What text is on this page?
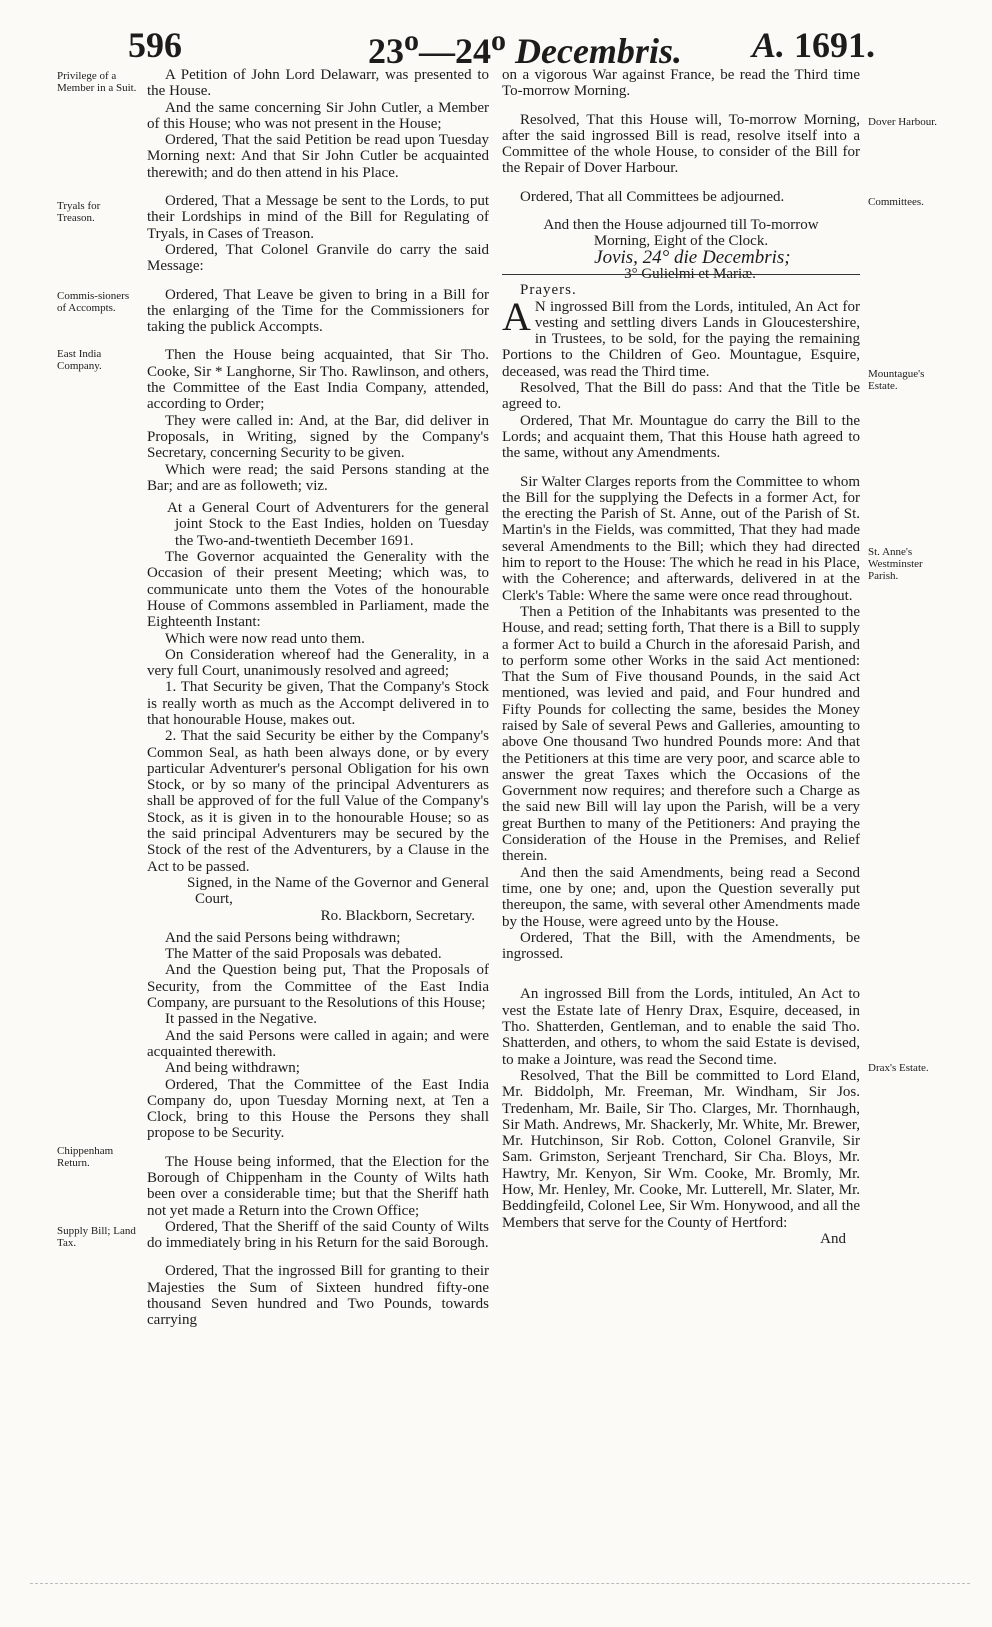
596	23$^o$—24$^o$ Decembris. A. 1691.
Privilege of a Member in a Suit.
Tryals for Treason.
Commis-sioners of Accompts.
East India Company.
Chippenham Return.
Supply Bill; Land Tax.
Dover Harbour.
Committees.
Mountague's Estate.
St. Anne's Westminster Parish.
Drax's Estate.

A Petition of John Lord Delawarr, was presented to the House.

And the same concerning Sir John Cutler, a Member of this House; who was not present in the House;

Ordered, That the said Petition be read upon Tuesday Morning next: And that Sir John Cutler be acquainted therewith; and do then attend in his Place.

Ordered, That a Message be sent to the Lords, to put their Lordships in mind of the Bill for Regulating of Tryals, in Cases of Treason.

Ordered, That Colonel Granvile do carry the said Message:

Ordered, That Leave be given to bring in a Bill for the enlarging of the Time for the Commissioners for taking the publick Accompts.

Then the House being acquainted, that Sir Tho. Cooke, Sir * Langhorne, Sir Tho. Rawlinson, and others, the Committee of the East India Company, attended, according to Order;

They were called in: And, at the Bar, did deliver in Proposals, in Writing, signed by the Company's Secretary, concerning Security to be given.

Which were read; the said Persons standing at the Bar; and are as followeth; viz.

At a General Court of Adventurers for the general joint Stock to the East Indies, holden on Tuesday the Two-and-twentieth December 1691.

The Governor acquainted the Generality with the Occasion of their present Meeting; which was, to communicate unto them the Votes of the honourable House of Commons assembled in Parliament, made the Eighteenth Instant:

Which were now read unto them.

On Consideration whereof had the Generality, in a very full Court, unanimously resolved and agreed;

1. That Security be given, That the Company's Stock is really worth as much as the Accompt delivered in to that honourable House, makes out.

2. That the said Security be either by the Company's Common Seal, as hath been always done, or by every particular Adventurer's personal Obligation for his own Stock, or by so many of the principal Adventurers as shall be approved of for the full Value of the Company's Stock, as it is given in to the honourable House; so as the said principal Adventurers may be secured by the Stock of the rest of the Adventurers, by a Clause in the Act to be passed.

Signed, in the Name of the Governor and General Court,

Ro. Blackborn, Secretary.

And the said Persons being withdrawn;

The Matter of the said Proposals was debated.

And the Question being put, That the Proposals of Security, from the Committee of the East India Company, are pursuant to the Resolutions of this House;

It passed in the Negative.

And the said Persons were called in again; and were acquainted therewith.

And being withdrawn;

Ordered, That the Committee of the East India Company do, upon Tuesday Morning next, at Ten a Clock, bring to this House the Persons they shall propose to be Security.

The House being informed, that the Election for the Borough of Chippenham in the County of Wilts hath been over a considerable time; but that the Sheriff hath not yet made a Return into the Crown Office;

Ordered, That the Sheriff of the said County of Wilts do immediately bring in his Return for the said Borough.

Ordered, That the ingrossed Bill for granting to their Majesties the Sum of Sixteen hundred fifty-one thousand Seven hundred and Two Pounds, towards carrying

on a vigorous War against France, be read the Third time To-morrow Morning.

Resolved, That this House will, To-morrow Morning, after the said ingrossed Bill is read, resolve itself into a Committee of the whole House, to consider of the Bill for the Repair of Dover Harbour.

Ordered, That all Committees be adjourned.

And then the House adjourned till To-morrow Morning, Eight of the Clock.

Jovis, 24° die Decembris;

3° Gulielmi et Mariæ.

Prayers.

A N ingrossed Bill from the Lords, intituled, An Act for vesting and settling divers Lands in Gloucestershire, in Trustees, to be sold, for the paying the remaining Portions to the Children of Geo. Mountague, Esquire, deceased, was read the Third time.

Resolved, That the Bill do pass: And that the Title be agreed to.

Ordered, That Mr. Mountague do carry the Bill to the Lords; and acquaint them, That this House hath agreed to the same, without any Amendments.

Sir Walter Clarges reports from the Committee to whom the Bill for the supplying the Defects in a former Act, for the erecting the Parish of St. Anne, out of the Parish of St. Martin's in the Fields, was committed, That they had made several Amendments to the Bill; which they had directed him to report to the House: The which he read in his Place, with the Coherence; and afterwards, delivered in at the Clerk's Table: Where the same were once read throughout.

Then a Petition of the Inhabitants was presented to the House, and read; setting forth, That there is a Bill to supply a former Act to build a Church in the aforesaid Parish, and to perform some other Works in the said Act mentioned: That the Sum of Five thousand Pounds, in the said Act mentioned, was levied and paid, and Four hundred and Fifty Pounds for collecting the same, besides the Money raised by Sale of several Pews and Galleries, amounting to above One thousand Two hundred Pounds more: And that the Petitioners at this time are very poor, and scarce able to answer the great Taxes which the Occasions of the Government now requires; and therefore such a Charge as the said new Bill will lay upon the Parish, will be a very great Burthen to many of the Petitioners: And praying the Consideration of the House in the Premises, and Relief therein.

And then the said Amendments, being read a Second time, one by one; and, upon the Question severally put thereupon, the same, with several other Amendments made by the House, were agreed unto by the House.

Ordered, That the Bill, with the Amendments, be ingrossed.

An ingrossed Bill from the Lords, intituled, An Act to vest the Estate late of Henry Drax, Esquire, deceased, in Tho. Shatterden, Gentleman, and to enable the said Tho. Shatterden, and others, to whom the said Estate is devised, to make a Jointure, was read the Second time.

Resolved, That the Bill be committed to Lord Eland, Mr. Biddolph, Mr. Freeman, Mr. Windham, Sir Jos. Tredenham, Mr. Baile, Sir Tho. Clarges, Mr. Thornhaugh, Sir Math. Andrews, Mr. Shackerly, Mr. White, Mr. Brewer, Mr. Hutchinson, Sir Rob. Cotton, Colonel Granvile, Sir Sam. Grimston, Serjeant Trenchard, Sir Cha. Bloys, Mr. Hawtry, Mr. Kenyon, Sir Wm. Cooke, Mr. Bromly, Mr. How, Mr. Henley, Mr. Cooke, Mr. Lutterell, Mr. Slater, Mr. Beddingfeild, Colonel Lee, Sir Wm. Honywood, and all the Members that serve for the County of Hertford:

And
